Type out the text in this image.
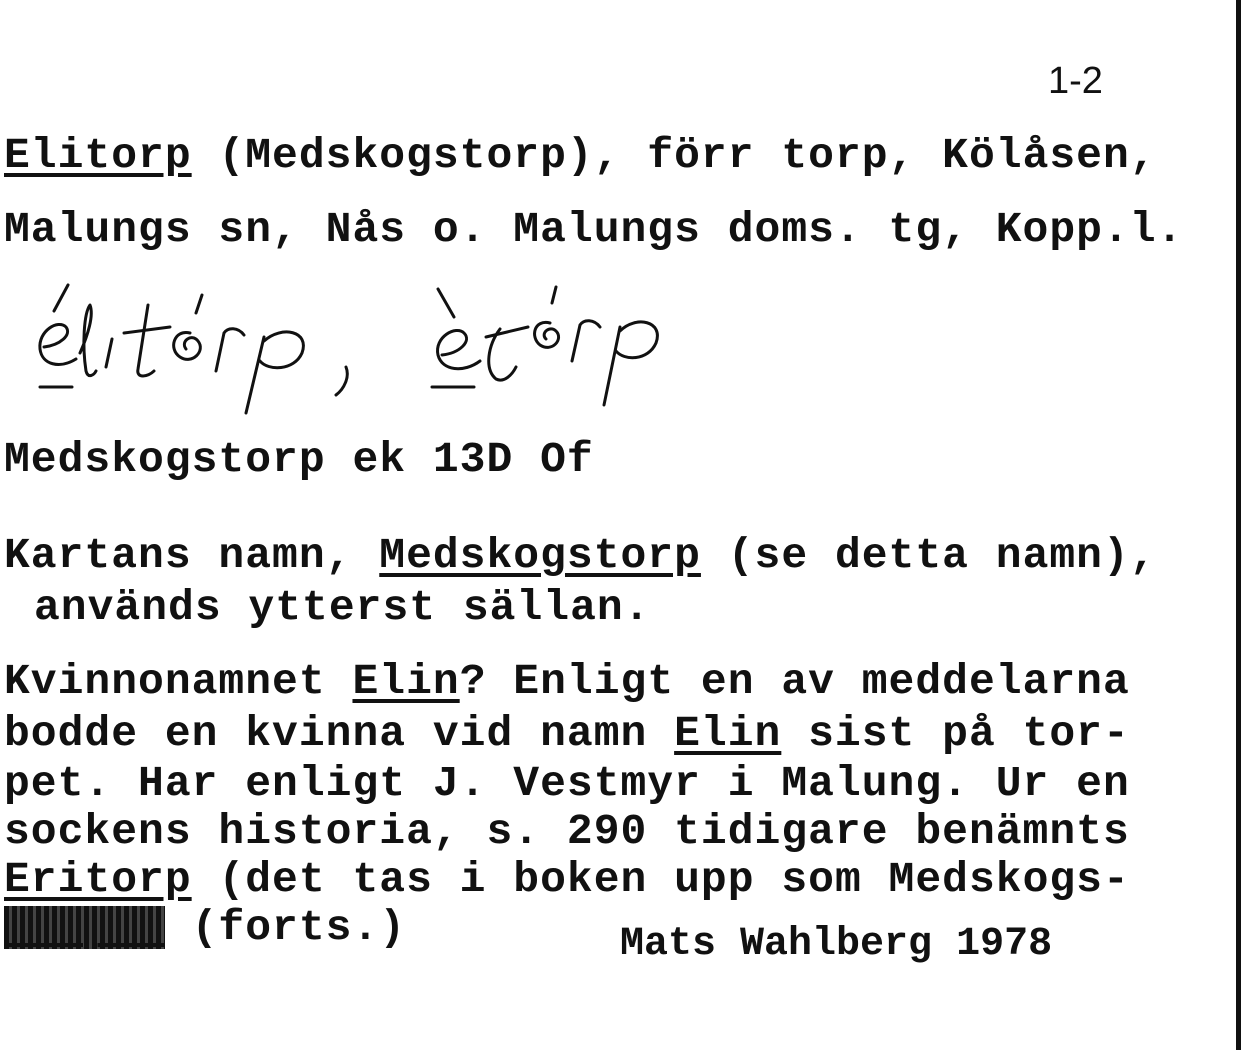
1-2
Elitorp (Medskogstorp), förr torp, Kölåsen,
Malungs sn, Nås o. Malungs doms. tg, Kopp.l.
Medskogstorp ek 13D Of
Kartans namn, Medskogstorp (se detta namn),
används ytterst sällan.
Kvinnonamnet Elin? Enligt en av meddelarna
bodde en kvinna vid namn Elin sist på tor-
pet. Har enligt J. Vestmyr i Malung. Ur en
sockens historia, s. 290 tidigare benämnts
Eritorp (det tas i boken upp som Medskogs-
(forts.)	Mats Wahlberg 1978
